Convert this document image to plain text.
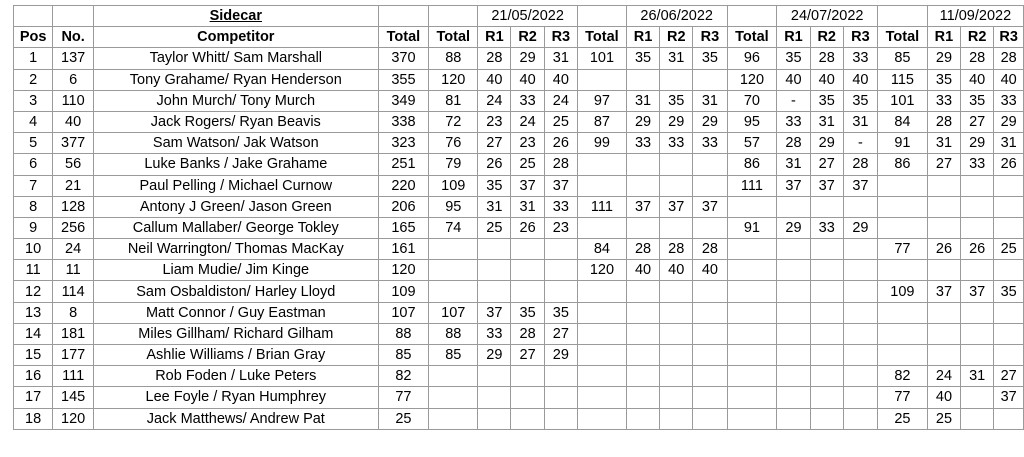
		Sidecar			21/05/2022				26/06/2022				24/07/2022				11/09/2022		
Pos	No.	Competitor	Total	Total	R1	R2	R3	Total	R1	R2	R3	Total	R1	R2	R3	Total	R1	R2	R3
1	137	Taylor Whitt/ Sam Marshall	370	88	28	29	31	101	35	31	35	96	35	28	33	85	29	28	28
2	6	Tony Grahame/ Ryan Henderson	355	120	40	40	40					120	40	40	40	115	35	40	40
3	110	John Murch/ Tony Murch	349	81	24	33	24	97	31	35	31	70	-	35	35	101	33	35	33
4	40	Jack Rogers/ Ryan Beavis	338	72	23	24	25	87	29	29	29	95	33	31	31	84	28	27	29
5	377	Sam Watson/ Jak Watson	323	76	27	23	26	99	33	33	33	57	28	29	-	91	31	29	31
6	56	Luke Banks / Jake Grahame	251	79	26	25	28					86	31	27	28	86	27	33	26
7	21	Paul Pelling / Michael Curnow	220	109	35	37	37					111	37	37	37				
8	128	Antony J Green/ Jason Green	206	95	31	31	33	111	37	37	37								
9	256	Callum Mallaber/ George Tokley	165	74	25	26	23					91	29	33	29				
10	24	Neil Warrington/ Thomas MacKay	161					84	28	28	28					77	26	26	25
11	11	Liam Mudie/ Jim Kinge	120					120	40	40	40								
12	114	Sam Osbaldiston/ Harley Lloyd	109													109	37	37	35
13	8	Matt Connor / Guy Eastman	107	107	37	35	35												
14	181	Miles Gillham/ Richard Gilham	88	88	33	28	27												
15	177	Ashlie Williams / Brian Gray	85	85	29	27	29												
16	111	Rob Foden / Luke Peters	82													82	24	31	27
17	145	Lee Foyle / Ryan Humphrey	77													77	40		37
18	120	Jack Matthews/ Andrew Pat	25													25	25		
